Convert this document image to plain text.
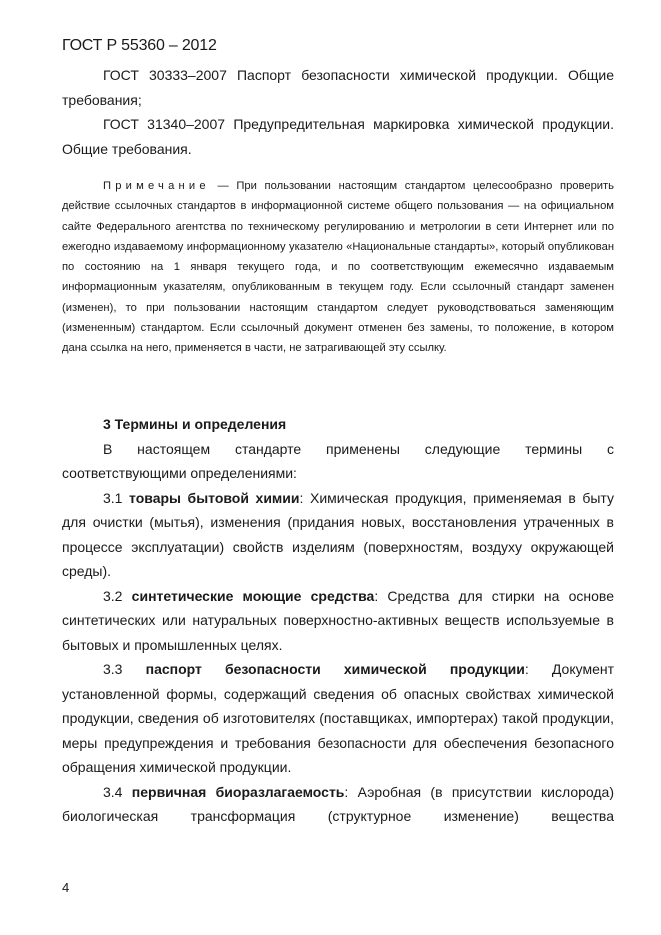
ГОСТ Р 55360 – 2012

ГОСТ 30333–2007 Паспорт безопасности химической продукции. Общие требования;

ГОСТ 31340–2007 Предупредительная маркировка химической продукции. Общие требования.

Примечание — При пользовании настоящим стандартом целесообразно проверить действие ссылочных стандартов в информационной системе общего пользования — на официальном сайте Федерального агентства по техническому регулированию и метрологии в сети Интернет или по ежегодно издаваемому информационному указателю «Национальные стандарты», который опубликован по состоянию на 1 января текущего года, и по соответствующим ежемесячно издаваемым информационным указателям, опубликованным в текущем году. Если ссылочный стандарт заменен (изменен), то при пользовании настоящим стандартом следует руководствоваться заменяющим (измененным) стандартом. Если ссылочный документ отменен без замены, то положение, в котором дана ссылка на него, применяется в части, не затрагивающей эту ссылку.

3 Термины и определения

В настоящем стандарте применены следующие термины с соответствующими определениями:

3.1 товары бытовой химии: Химическая продукция, применяемая в быту для очистки (мытья), изменения (придания новых, восстановления утраченных в процессе эксплуатации) свойств изделиям (поверхностям, воздуху окружающей среды).

3.2 синтетические моющие средства: Средства для стирки на основе синтетических или натуральных поверхностно-активных веществ используемые в бытовых и промышленных целях.

3.3 паспорт безопасности химической продукции: Документ установленной формы, содержащий сведения об опасных свойствах химической продукции, сведения об изготовителях (поставщиках, импортерах) такой продукции, меры предупреждения и требования безопасности для обеспечения безопасного обращения химической продукции.

3.4 первичная биоразлагаемость: Аэробная (в присутствии кислорода) биологическая трансформация (структурное изменение) вещества

4
